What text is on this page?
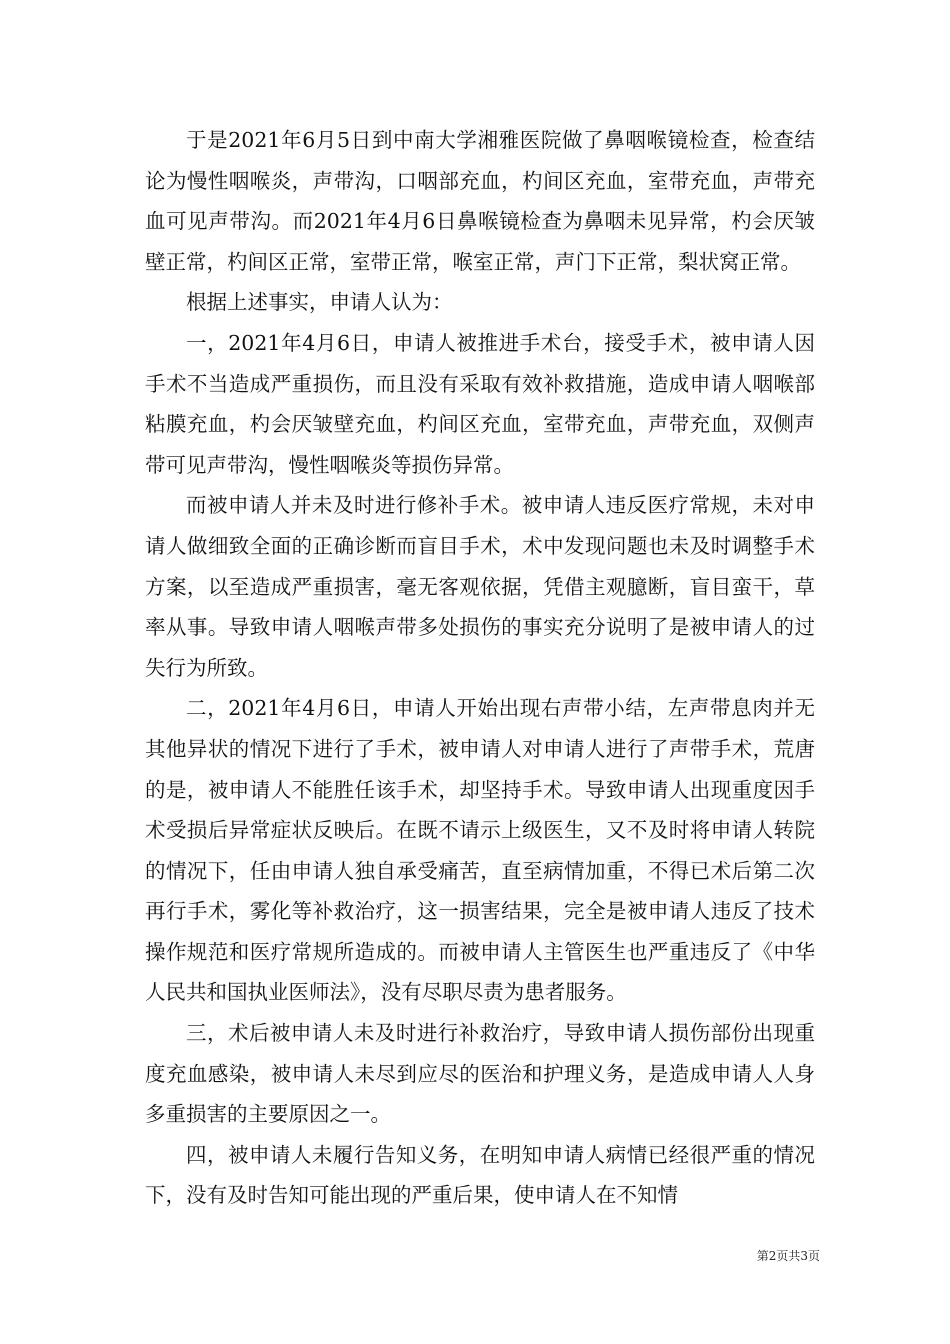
于是2021年6月5日到中南大学湘雅医院做了鼻咽喉镜检查，检查结论为慢性咽喉炎，声带沟，口咽部充血，杓间区充血，室带充血，声带充血可见声带沟。而2021年4月6日鼻喉镜检查为鼻咽未见异常，杓会厌皱壁正常，杓间区正常，室带正常，喉室正常，声门下正常，梨状窝正常。

根据上述事实，申请人认为：

一，2021年4月6日，申请人被推进手术台，接受手术，被申请人因手术不当造成严重损伤，而且没有采取有效补救措施，造成申请人咽喉部粘膜充血，杓会厌皱壁充血，杓间区充血，室带充血，声带充血，双侧声带可见声带沟，慢性咽喉炎等损伤异常。

而被申请人并未及时进行修补手术。被申请人违反医疗常规，未对申请人做细致全面的正确诊断而盲目手术，术中发现问题也未及时调整手术方案，以至造成严重损害，毫无客观依据，凭借主观臆断，盲目蛮干，草率从事。导致申请人咽喉声带多处损伤的事实充分说明了是被申请人的过失行为所致。

二，2021年4月6日，申请人开始出现右声带小结，左声带息肉并无其他异状的情况下进行了手术，被申请人对申请人进行了声带手术，荒唐的是，被申请人不能胜任该手术，却坚持手术。导致申请人出现重度因手术受损后异常症状反映后。在既不请示上级医生，又不及时将申请人转院的情况下，任由申请人独自承受痛苦，直至病情加重，不得已术后第二次再行手术，雾化等补救治疗，这一损害结果，完全是被申请人违反了技术操作规范和医疗常规所造成的。而被申请人主管医生也严重违反了《中华人民共和国执业医师法》，没有尽职尽责为患者服务。

三，术后被申请人未及时进行补救治疗，导致申请人损伤部份出现重度充血感染，被申请人未尽到应尽的医治和护理义务，是造成申请人人身多重损害的主要原因之一。

四，被申请人未履行告知义务，在明知申请人病情已经很严重的情况下，没有及时告知可能出现的严重后果，使申请人在不知情

第2页共3页
